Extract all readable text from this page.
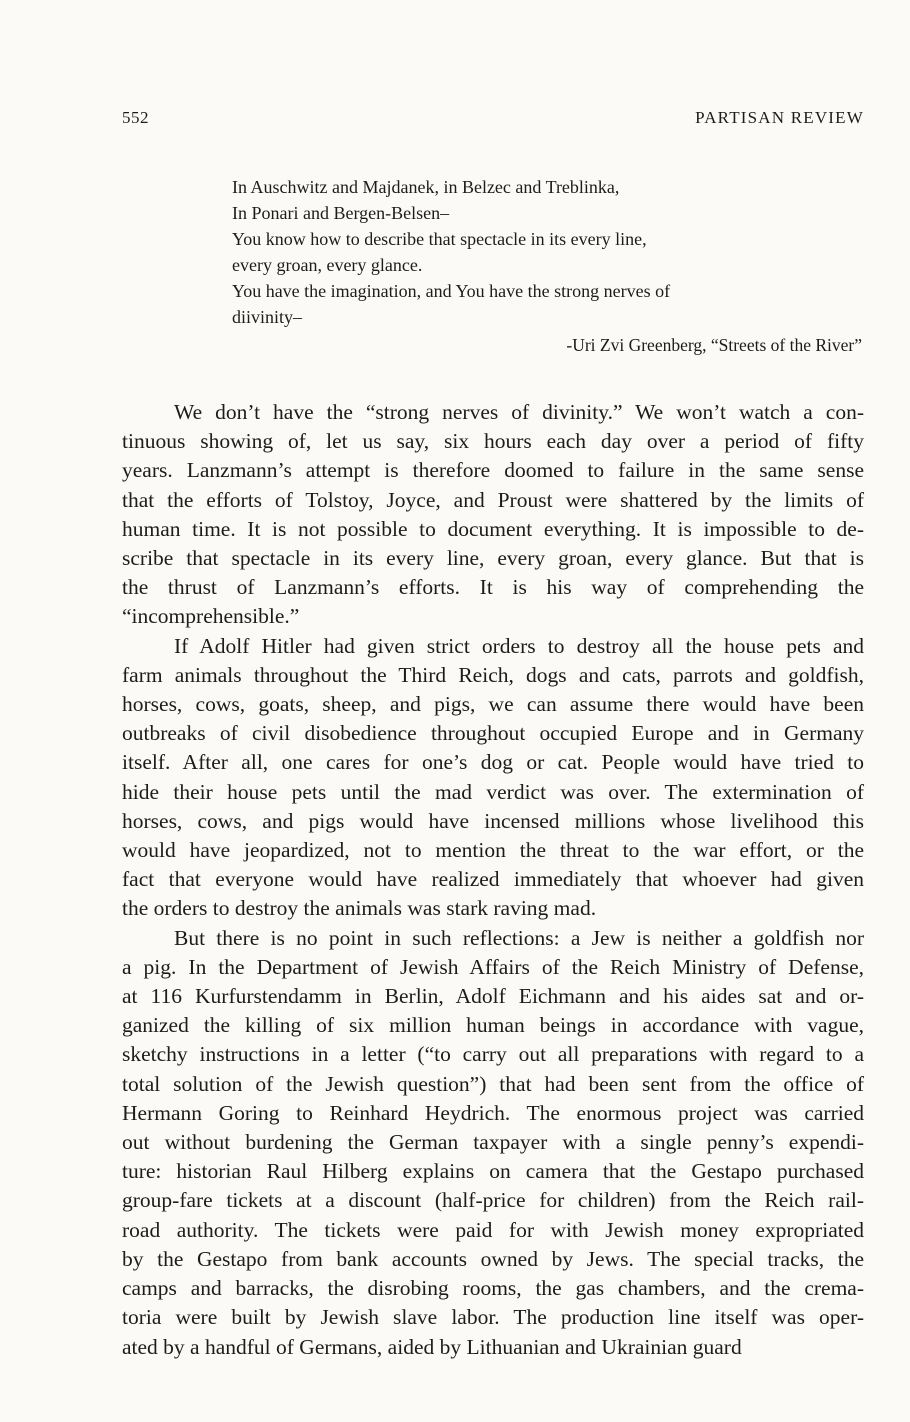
552	PARTISAN REVIEW
In Auschwitz and Majdanek, in Belzec and Treblinka,
In Ponari and Bergen-Belsen–
You know how to describe that spectacle in its every line,
every groan, every glance.
You have the imagination, and You have the strong nerves of
diivinity–
-Uri Zvi Greenberg, “Streets of the River”
We don’t have the “strong nerves of divinity.” We won’t watch a con-
tinuous showing of, let us say, six hours each day over a period of fifty
years. Lanzmann’s attempt is therefore doomed to failure in the same sense
that the efforts of Tolstoy, Joyce, and Proust were shattered by the limits of
human time. It is not possible to document everything. It is impossible to de-
scribe that spectacle in its every line, every groan, every glance. But that is
the thrust of Lanzmann’s efforts. It is his way of comprehending the
“incomprehensible.”
If Adolf Hitler had given strict orders to destroy all the house pets and
farm animals throughout the Third Reich, dogs and cats, parrots and goldfish,
horses, cows, goats, sheep, and pigs, we can assume there would have been
outbreaks of civil disobedience throughout occupied Europe and in Germany
itself. After all, one cares for one’s dog or cat. People would have tried to
hide their house pets until the mad verdict was over. The extermination of
horses, cows, and pigs would have incensed millions whose livelihood this
would have jeopardized, not to mention the threat to the war effort, or the
fact that everyone would have realized immediately that whoever had given
the orders to destroy the animals was stark raving mad.
But there is no point in such reflections: a Jew is neither a goldfish nor
a pig. In the Department of Jewish Affairs of the Reich Ministry of Defense,
at 116 Kurfurstendamm in Berlin, Adolf Eichmann and his aides sat and or-
ganized the killing of six million human beings in accordance with vague,
sketchy instructions in a letter (“to carry out all preparations with regard to a
total solution of the Jewish question”) that had been sent from the office of
Hermann Goring to Reinhard Heydrich. The enormous project was carried
out without burdening the German taxpayer with a single penny’s expendi-
ture: historian Raul Hilberg explains on camera that the Gestapo purchased
group-fare tickets at a discount (half-price for children) from the Reich rail-
road authority. The tickets were paid for with Jewish money expropriated
by the Gestapo from bank accounts owned by Jews. The special tracks, the
camps and barracks, the disrobing rooms, the gas chambers, and the crema-
toria were built by Jewish slave labor. The production line itself was oper-
ated by a handful of Germans, aided by Lithuanian and Ukrainian guard
